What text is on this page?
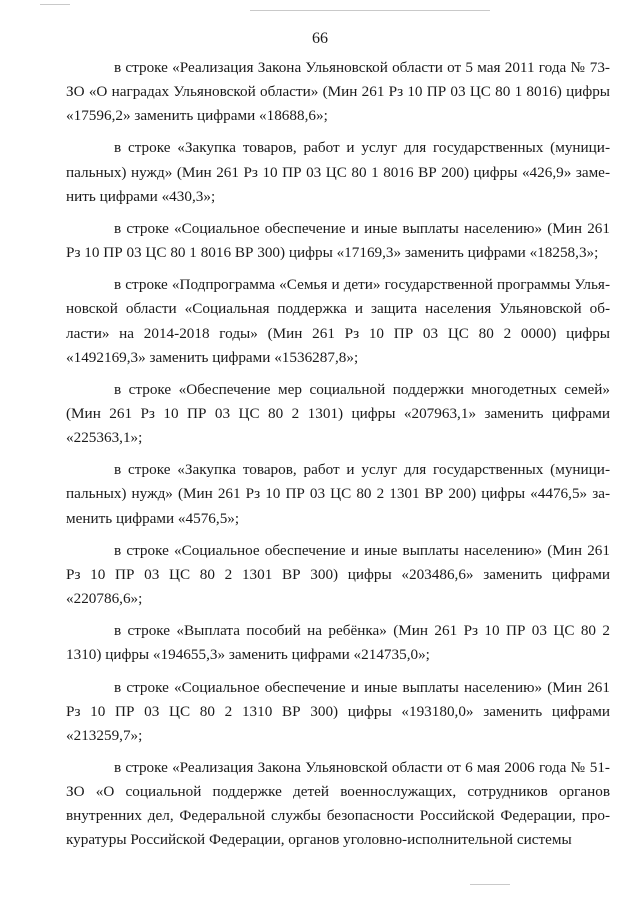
66

в строке «Реализация Закона Ульяновской области от 5 мая 2011 года № 73-ЗО «О наградах Ульяновской области» (Мин 261 Рз 10 ПР 03 ЦС 80 1 8016) цифры «17596,2» заменить цифрами «18688,6»;

в строке «Закупка товаров, работ и услуг для государственных (муниципальных) нужд» (Мин 261 Рз 10 ПР 03 ЦС 80 1 8016 ВР 200) цифры «426,9» заменить цифрами «430,3»;

в строке «Социальное обеспечение и иные выплаты населению» (Мин 261 Рз 10 ПР 03 ЦС 80 1 8016 ВР 300) цифры «17169,3» заменить цифрами «18258,3»;

в строке «Подпрограмма «Семья и дети» государственной программы Ульяновской области «Социальная поддержка и защита населения Ульяновской области» на 2014-2018 годы» (Мин 261 Рз 10 ПР 03 ЦС 80 2 0000) цифры «1492169,3» заменить цифрами «1536287,8»;

в строке «Обеспечение мер социальной поддержки многодетных семей» (Мин 261 Рз 10 ПР 03 ЦС 80 2 1301) цифры «207963,1» заменить цифрами «225363,1»;

в строке «Закупка товаров, работ и услуг для государственных (муниципальных) нужд» (Мин 261 Рз 10 ПР 03 ЦС 80 2 1301 ВР 200) цифры «4476,5» заменить цифрами «4576,5»;

в строке «Социальное обеспечение и иные выплаты населению» (Мин 261 Рз 10 ПР 03 ЦС 80 2 1301 ВР 300) цифры «203486,6» заменить цифрами «220786,6»;

в строке «Выплата пособий на ребёнка» (Мин 261 Рз 10 ПР 03 ЦС 80 2 1310) цифры «194655,3» заменить цифрами «214735,0»;

в строке «Социальное обеспечение и иные выплаты населению» (Мин 261 Рз 10 ПР 03 ЦС 80 2 1310 ВР 300) цифры «193180,0» заменить цифрами «213259,7»;

в строке «Реализация Закона Ульяновской области от 6 мая 2006 года № 51-ЗО «О социальной поддержке детей военнослужащих, сотрудников органов внутренних дел, Федеральной службы безопасности Российской Федерации, прокуратуры Российской Федерации, органов уголовно-исполнительной системы
